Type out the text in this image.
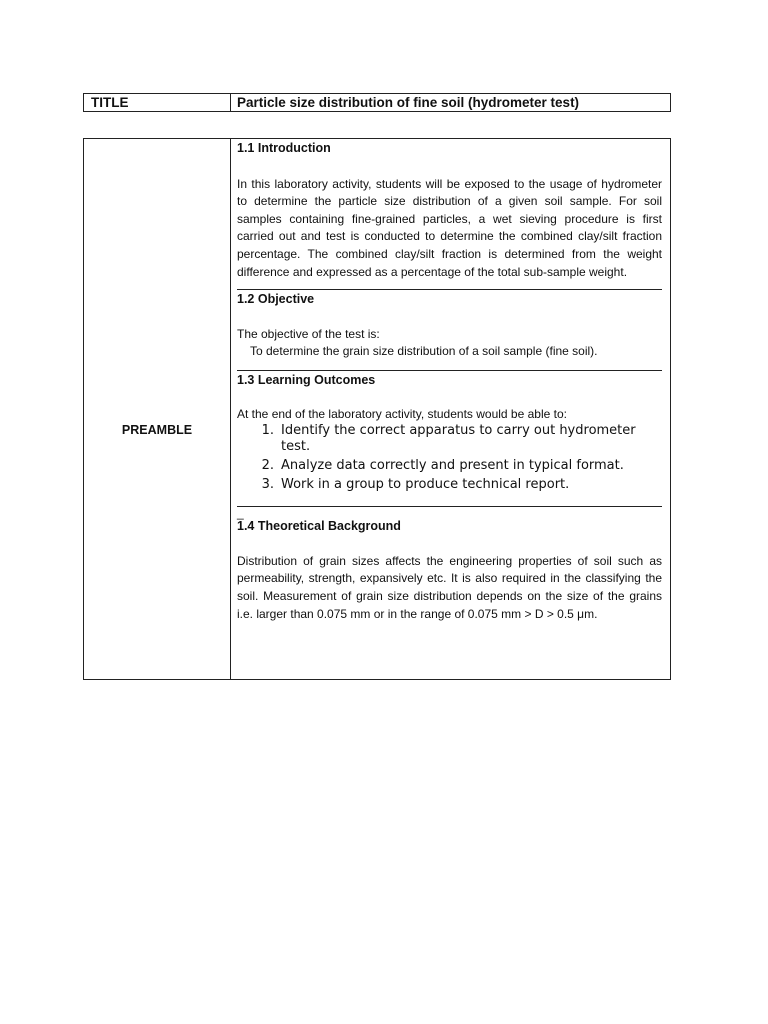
TITLE	Particle size distribution of fine soil (hydrometer test)
PREAMBLE

1.1 Introduction

In this laboratory activity, students will be exposed to the usage of hydrometer to determine the particle size distribution of a given soil sample. For soil samples containing fine-grained particles, a wet sieving procedure is first carried out and test is conducted to determine the combined clay/silt fraction percentage. The combined clay/silt fraction is determined from the weight difference and expressed as a percentage of the total sub-sample weight.

1.2 Objective

The objective of the test is:

To determine the grain size distribution of a soil sample (fine soil).

1.3 Learning Outcomes

At the end of the laboratory activity, students would be able to:

1. Identify the correct apparatus to carry out hydrometer test.
2. Analyze data correctly and present in typical format.
3. Work in a group to produce technical report.
_

1.4 Theoretical Background

Distribution of grain sizes affects the engineering properties of soil such as permeability, strength, expansively etc. It is also required in the classifying the soil. Measurement of grain size distribution depends on the size of the grains i.e. larger than 0.075 mm or in the range of 0.075 mm > D > 0.5 μm.
